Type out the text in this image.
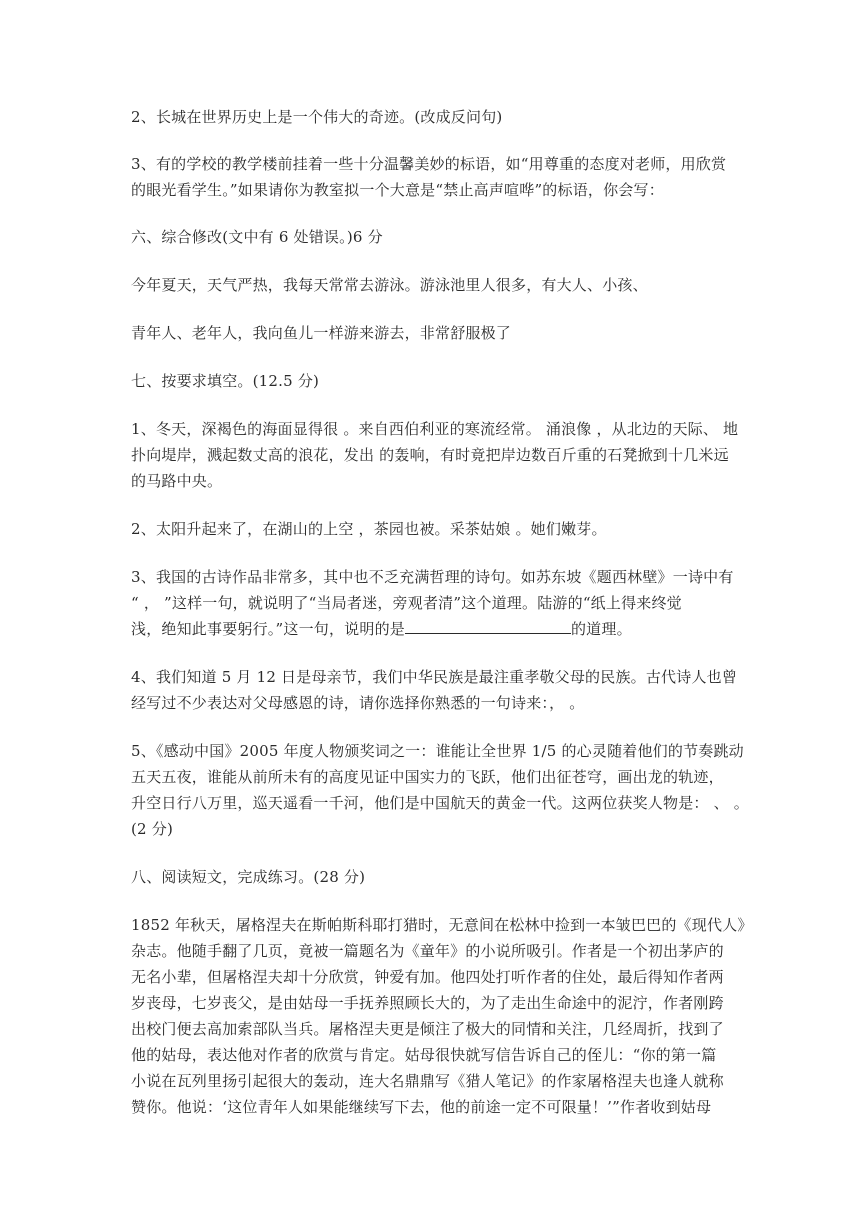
2、长城在世界历史上是一个伟大的奇迹。(改成反问句)

3、有的学校的教学楼前挂着一些十分温馨美妙的标语，如“用尊重的态度对老师，用欣赏
的眼光看学生。”如果请你为教室拟一个大意是“禁止高声喧哗”的标语，你会写：

六、综合修改(文中有 6 处错误。)6 分

今年夏天，天气严热，我每天常常去游泳。游泳池里人很多，有大人、小孩、

青年人、老年人，我向鱼儿一样游来游去，非常舒服极了

七、按要求填空。(12.5 分)

1、冬天，深褐色的海面显得很 。来自西伯利亚的寒流经常。 涌浪像 ，从北边的天际、 地
扑向堤岸，溅起数丈高的浪花，发出 的轰响，有时竟把岸边数百斤重的石凳掀到十几米远
的马路中央。

2、太阳升起来了，在湖山的上空 ，茶园也被。采茶姑娘 。她们嫩芽。

3、我国的古诗作品非常多，其中也不乏充满哲理的诗句。如苏东坡《题西林壁》一诗中有
“ ， ”这样一句，就说明了“当局者迷，旁观者清”这个道理。陆游的“纸上得来终觉
浅，绝知此事要躬行。”这一句，说明的是	的道理。

4、我们知道 5 月 12 日是母亲节，我们中华民族是最注重孝敬父母的民族。古代诗人也曾
经写过不少表达对父母感恩的诗，请你选择你熟悉的一句诗来：， 。

5、《感动中国》2005 年度人物颁奖词之一：谁能让全世界 1/5 的心灵随着他们的节奏跳动
五天五夜，谁能从前所未有的高度见证中国实力的飞跃，他们出征苍穹，画出龙的轨迹，
升空日行八万里，巡天遥看一千河，他们是中国航天的黄金一代。这两位获奖人物是： 、 。
(2 分)

八、阅读短文，完成练习。(28 分)

1852 年秋天，屠格涅夫在斯帕斯科耶打猎时，无意间在松林中捡到一本皱巴巴的《现代人》
杂志。他随手翻了几页，竟被一篇题名为《童年》的小说所吸引。作者是一个初出茅庐的
无名小辈，但屠格涅夫却十分欣赏，钟爱有加。他四处打听作者的住处，最后得知作者两
岁丧母，七岁丧父，是由姑母一手抚养照顾长大的，为了走出生命途中的泥泞，作者刚跨
出校门便去高加索部队当兵。屠格涅夫更是倾注了极大的同情和关注，几经周折，找到了
他的姑母，表达他对作者的欣赏与肯定。姑母很快就写信告诉自己的侄儿：“你的第一篇
小说在瓦列里扬引起很大的轰动，连大名鼎鼎写《猎人笔记》的作家屠格涅夫也逢人就称
赞你。他说：‘这位青年人如果能继续写下去，他的前途一定不可限量！’”作者收到姑母
